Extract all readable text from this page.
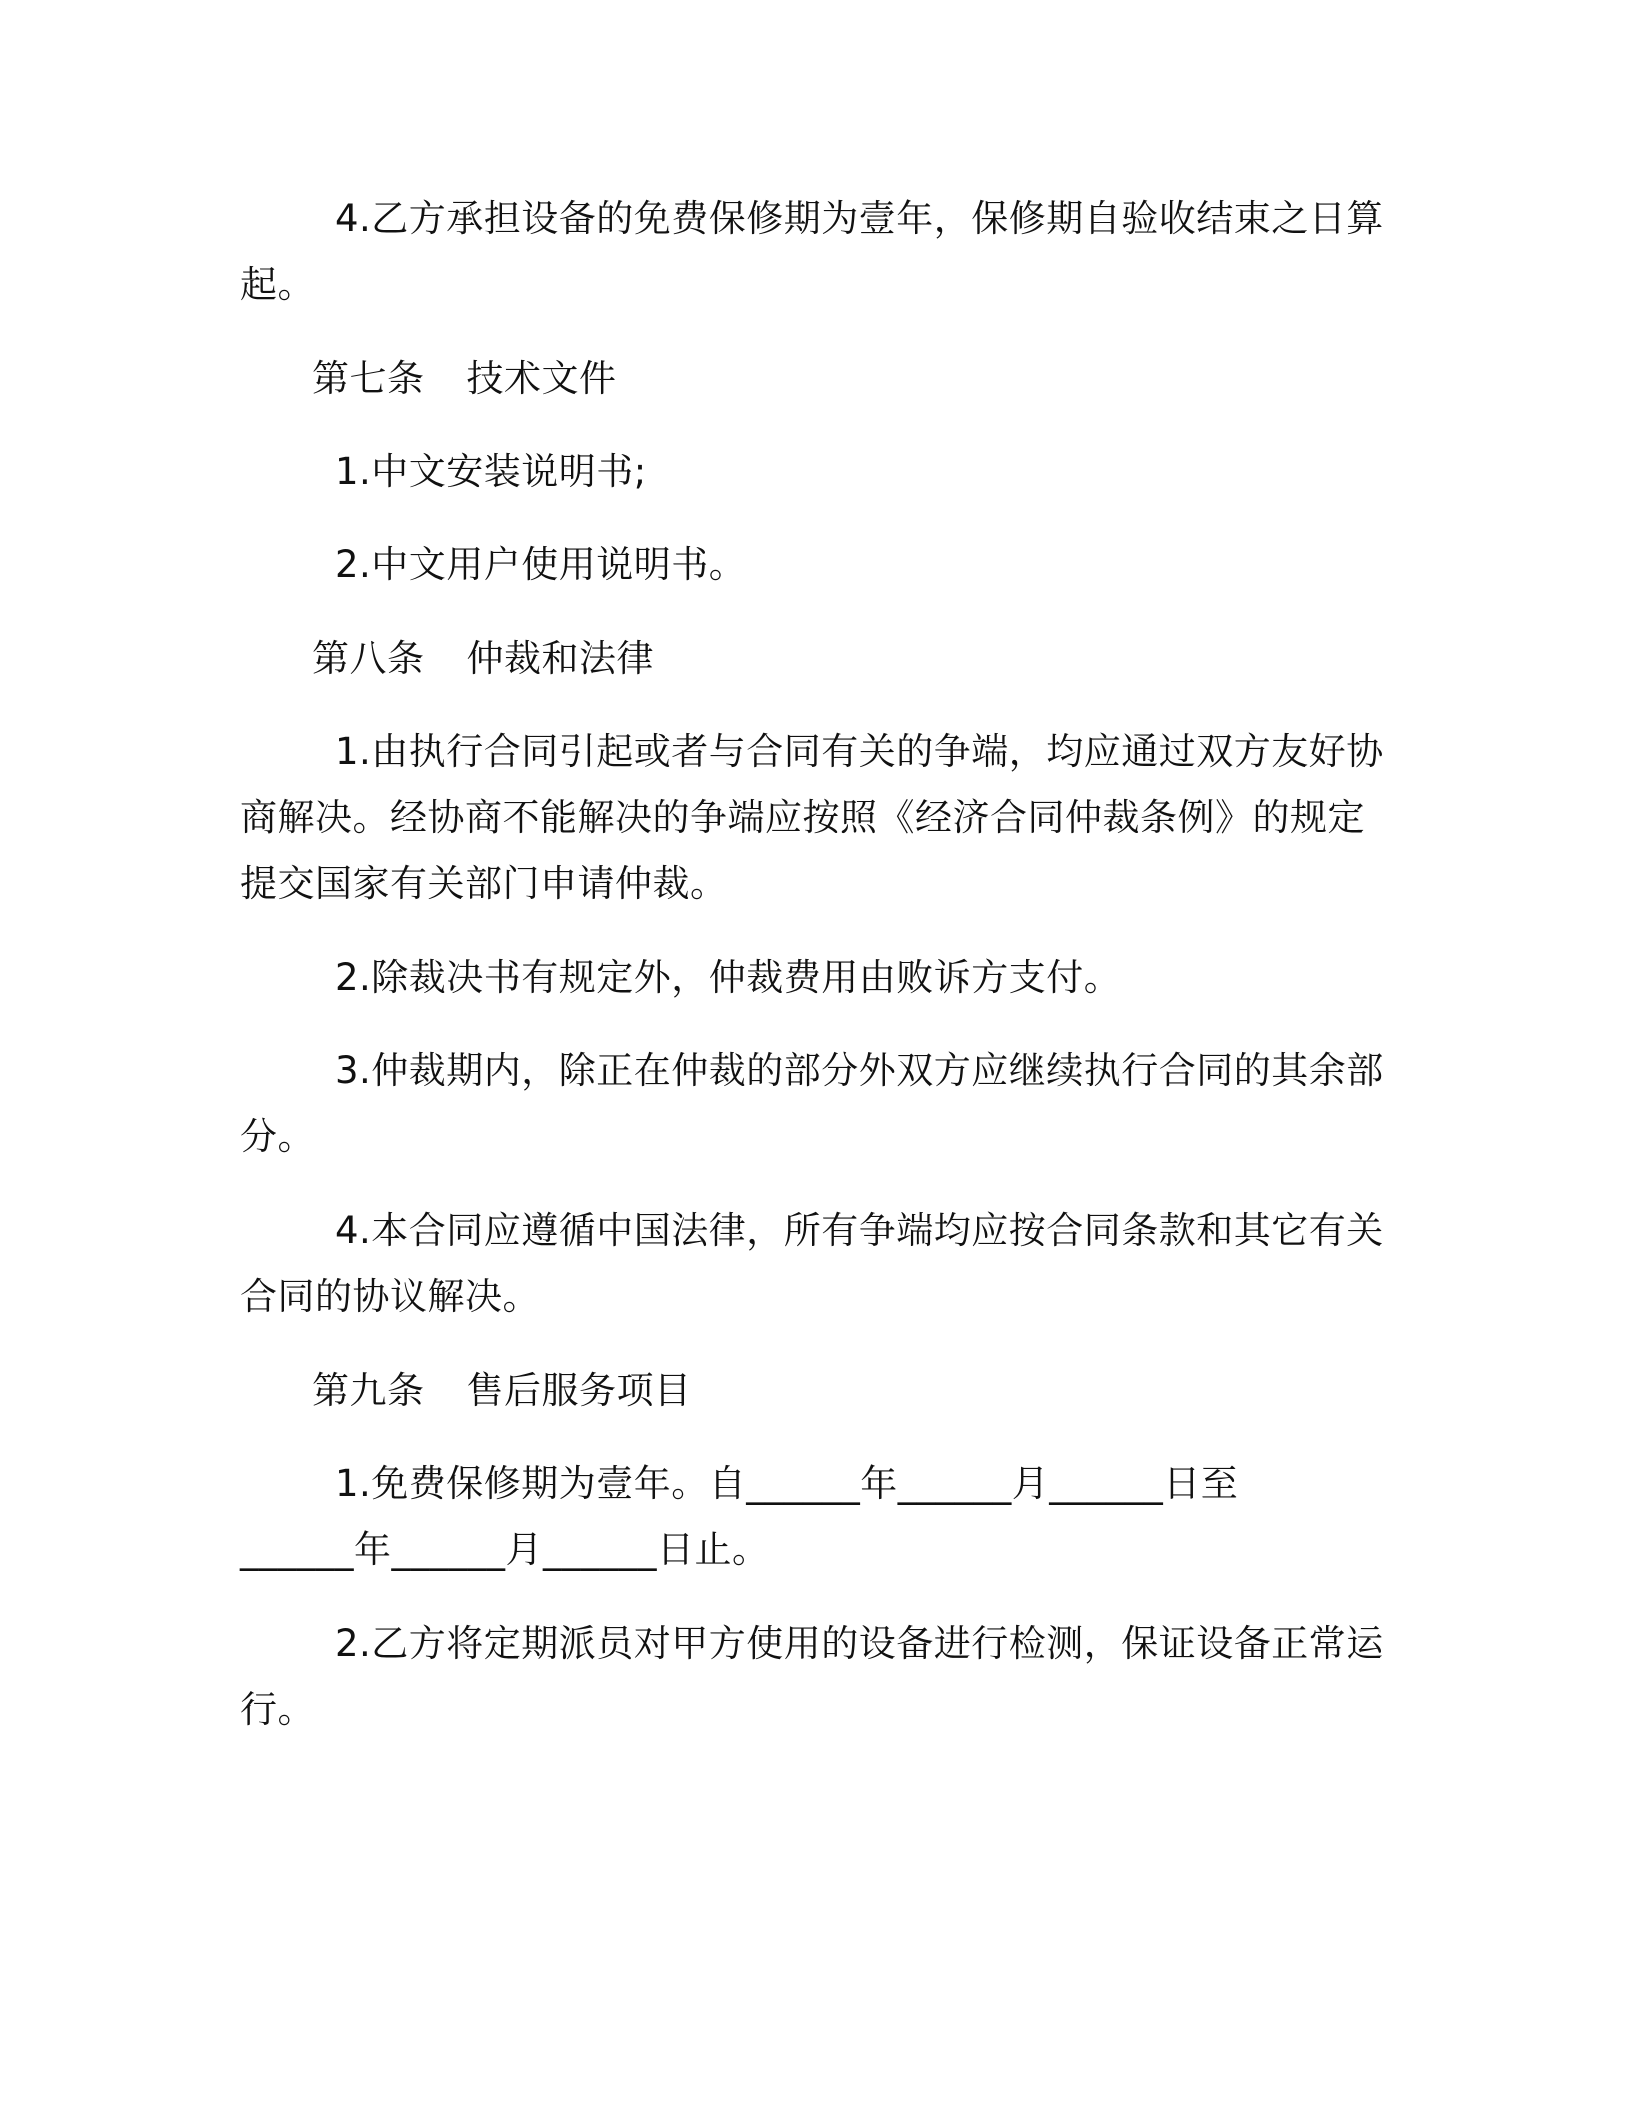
4.乙方承担设备的免费保修期为壹年，保修期自验收结束之日算
起。
第七条 技术文件
1.中文安装说明书;
2.中文用户使用说明书。
第八条 仲裁和法律
1.由执行合同引起或者与合同有关的争端，均应通过双方友好协
商解决。经协商不能解决的争端应按照《经济合同仲裁条例》的规定
提交国家有关部门申请仲裁。
2.除裁决书有规定外，仲裁费用由败诉方支付。
3.仲裁期内，除正在仲裁的部分外双方应继续执行合同的其余部
分。
4.本合同应遵循中国法律，所有争端均应按合同条款和其它有关
合同的协议解决。
第九条 售后服务项目
1.免费保修期为壹年。自______年______月______日至
______年______月______日止。
2.乙方将定期派员对甲方使用的设备进行检测，保证设备正常运
行。
